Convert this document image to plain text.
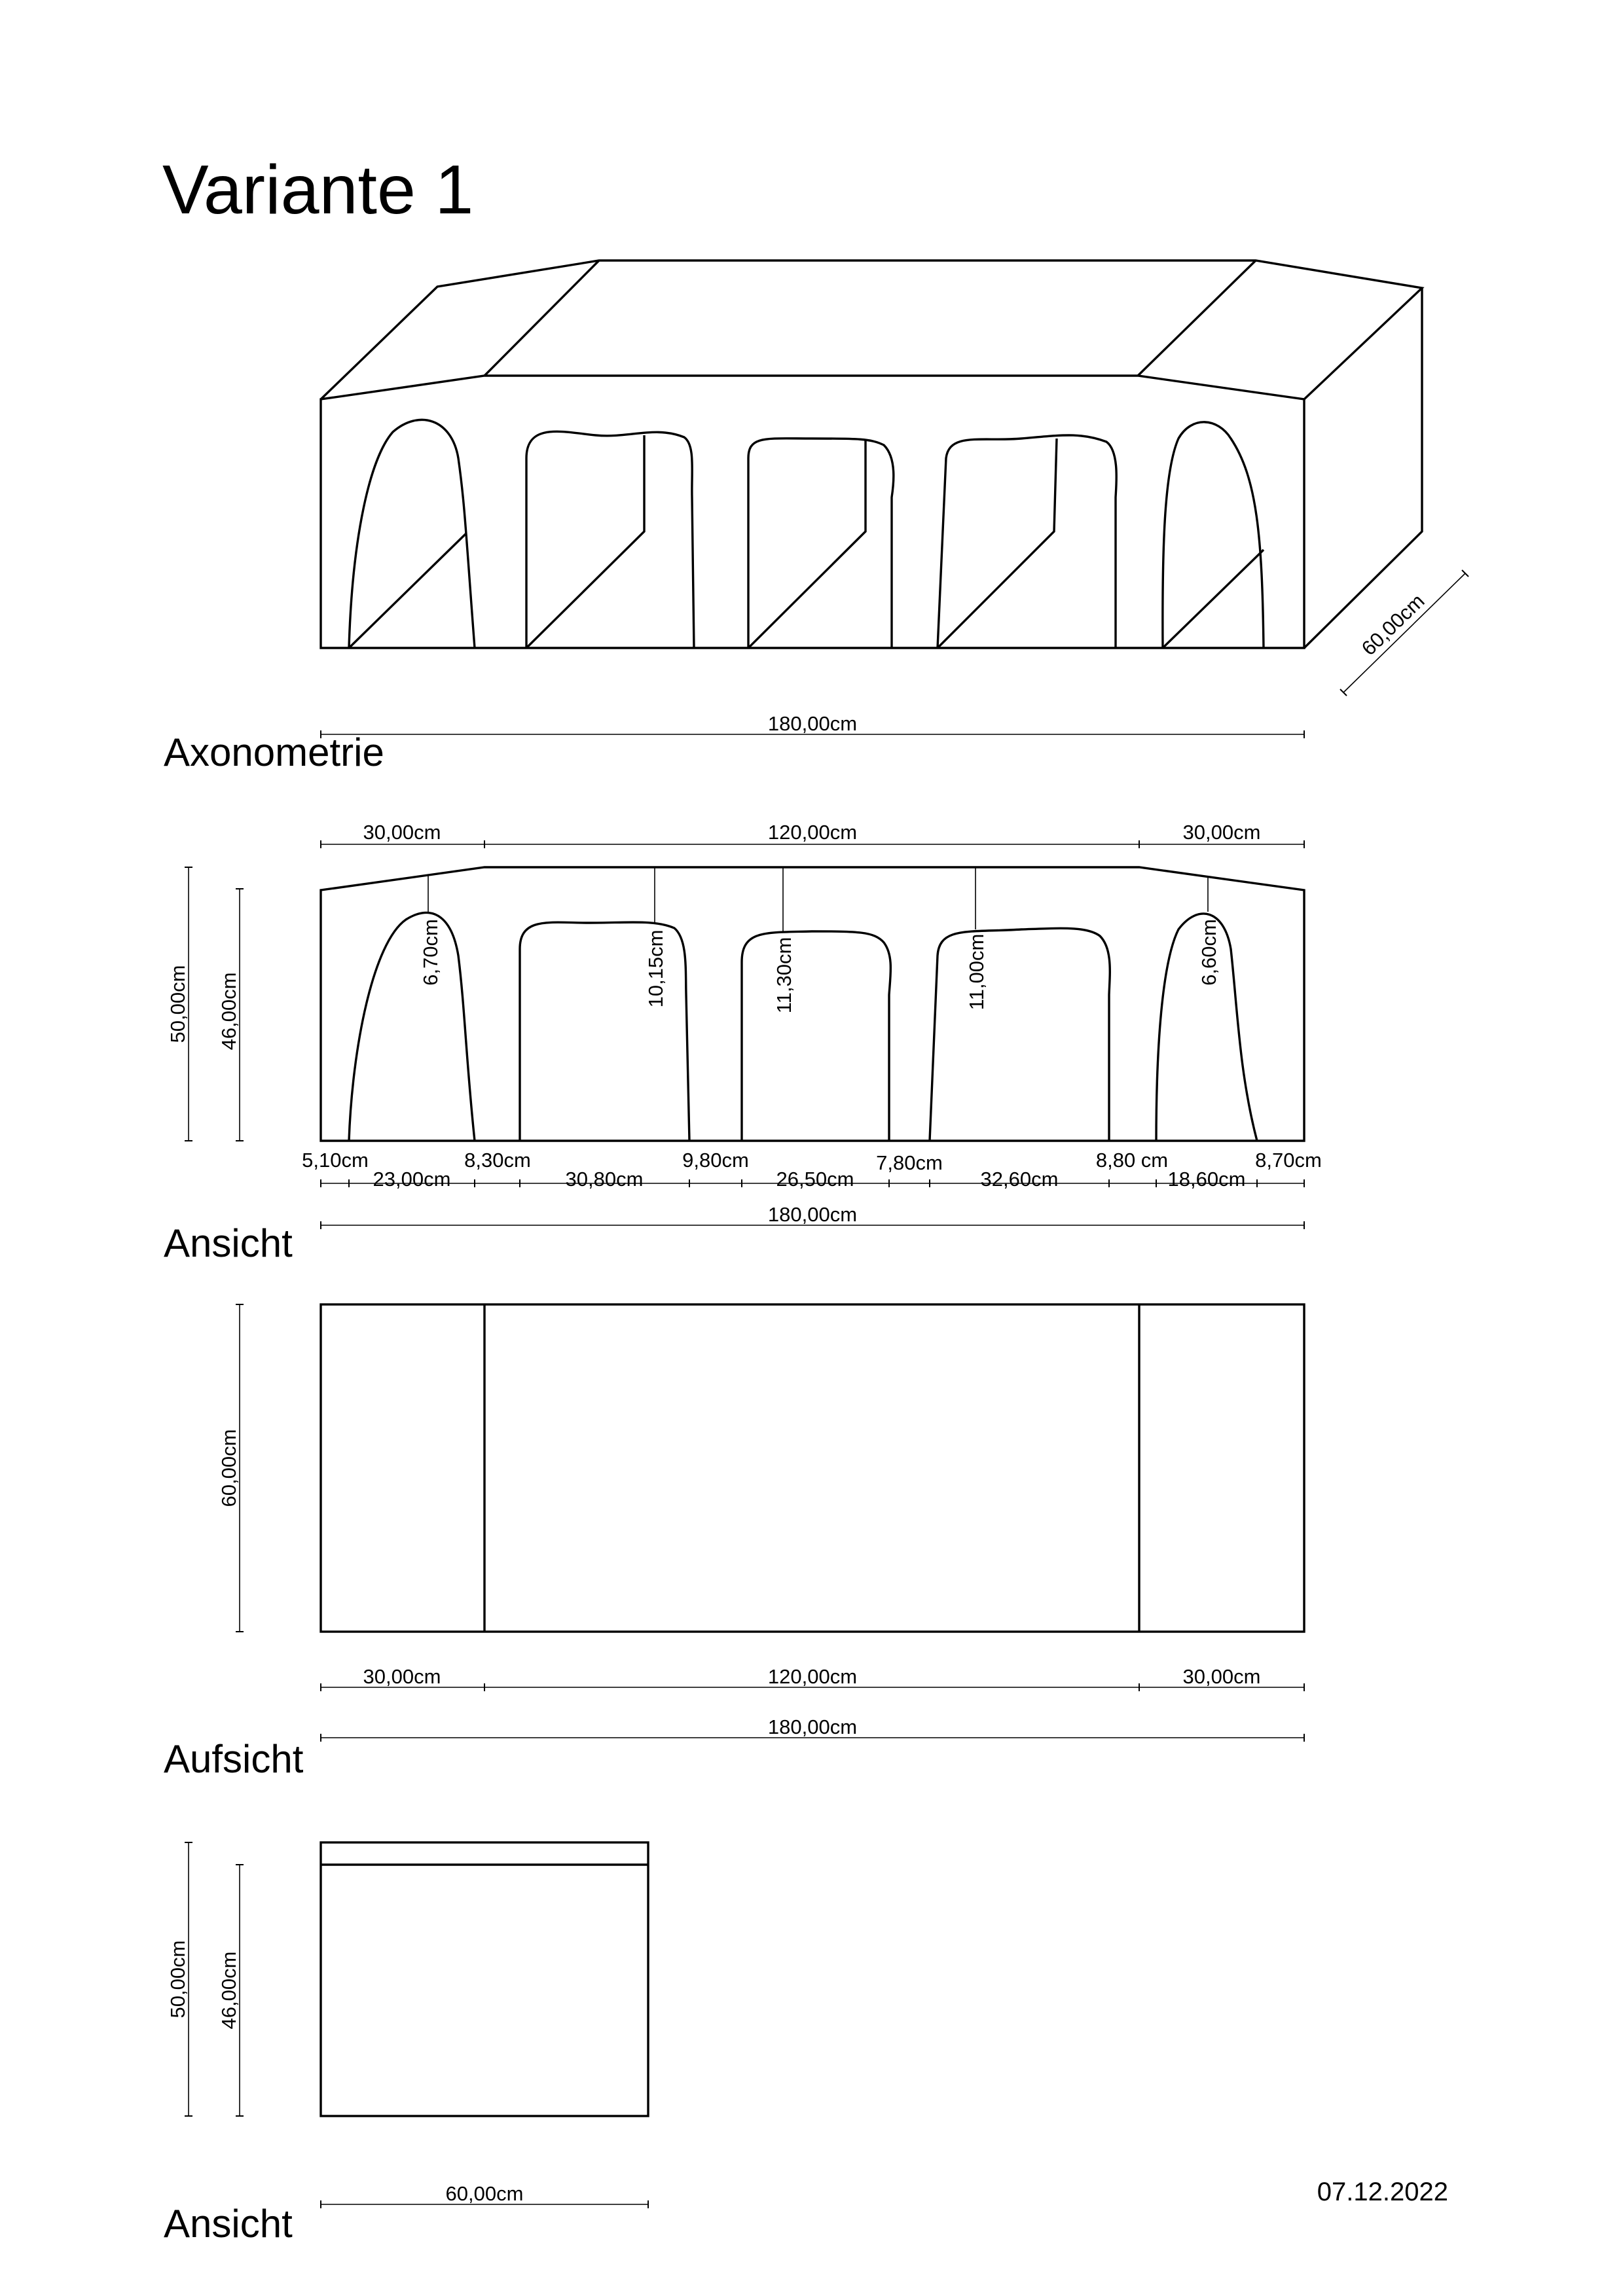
Variante 1
180,00cm
60,00cm
Axonometrie
6,70cm	10,15cm	11,30cm	11,00cm	6,60cm
30,00cm	120,00cm	30,00cm
50,00cm 46,00cm
5,10cm	8,30cm	9,80cm	7,80cm	8,80 cm	8,70cm
23,00cm	30,80cm	26,50cm	32,60cm	18,60cm
180,00cm
Ansicht
60,00cm
30,00cm	120,00cm	30,00cm
180,00cm
Aufsicht
50,00cm 46,00cm
60,00cm
Ansicht
07.12.2022
